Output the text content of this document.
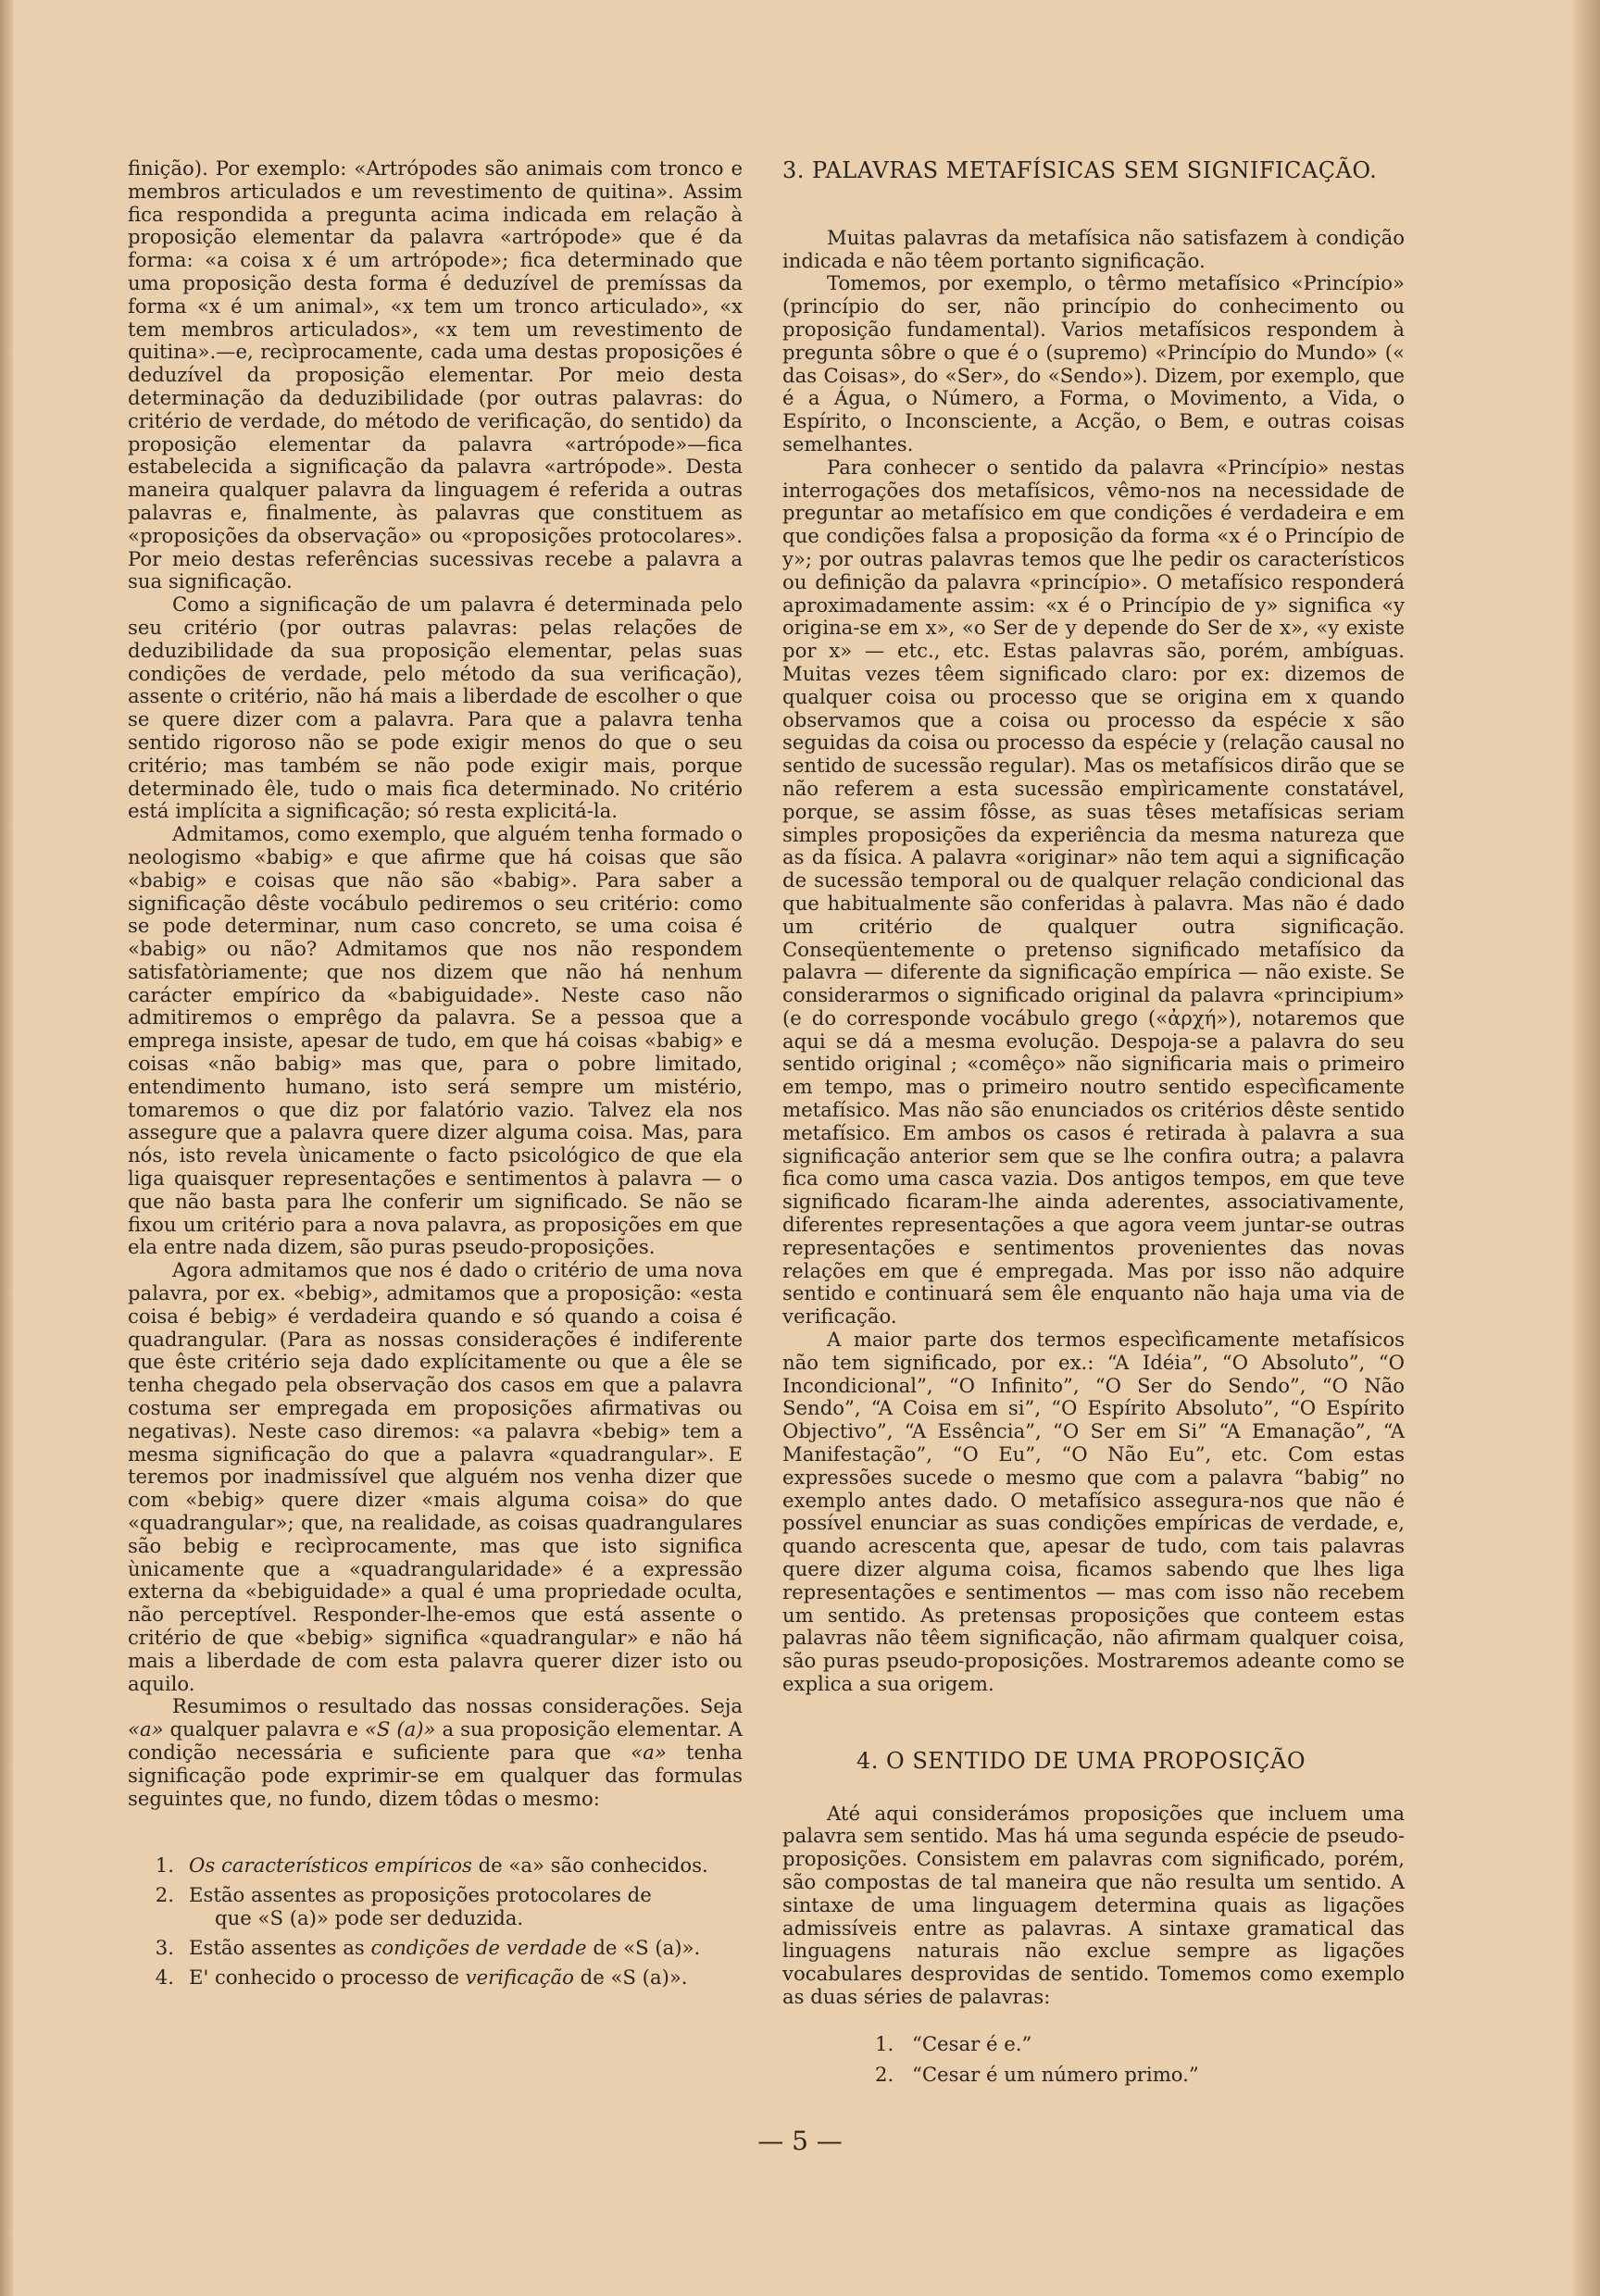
finição). Por exemplo: «Artrópodes são animais com tronco e membros articulados e um revestimento de quitina». Assim fica respondida a pregunta acima indicada em relação à proposição elementar da palavra «artrópode» que é da forma: «a coisa x é um artrópode»; fica determinado que uma proposição desta forma é deduzível de premíssas da forma «x é um animal», «x tem um tronco articulado», «x tem membros articulados», «x tem um revestimento de quitina».—e, recìprocamente, cada uma destas proposições é deduzível da proposição elementar. Por meio desta determinação da deduzibilidade (por outras palavras: do critério de verdade, do método de verificação, do sentido) da proposição elementar da palavra «artrópode»—fica estabelecida a significação da palavra «artrópode». Desta maneira qualquer palavra da linguagem é referida a outras palavras e, finalmente, às palavras que constituem as «proposições da observação» ou «proposições protocolares». Por meio destas referências sucessivas recebe a palavra a sua significação.

Como a significação de um palavra é determinada pelo seu critério (por outras palavras: pelas relações de deduzibilidade da sua proposição elementar, pelas suas condições de verdade, pelo método da sua verificação), assente o critério, não há mais a liberdade de escolher o que se quere dizer com a palavra. Para que a palavra tenha sentido rigoroso não se pode exigir menos do que o seu critério; mas também se não pode exigir mais, porque determinado êle, tudo o mais fica determinado. No critério está implícita a significação; só resta explicitá-la.

Admitamos, como exemplo, que alguém tenha formado o neologismo «babig» e que afirme que há coisas que são «babig» e coisas que não são «babig». Para saber a significação dêste vocábulo pediremos o seu critério: como se pode determinar, num caso concreto, se uma coisa é «babig» ou não? Admitamos que nos não respondem satisfatòriamente; que nos dizem que não há nenhum carácter empírico da «babiguidade». Neste caso não admitiremos o emprêgo da palavra. Se a pessoa que a emprega insiste, apesar de tudo, em que há coisas «babig» e coisas «não babig» mas que, para o pobre limitado, entendimento humano, isto será sempre um mistério, tomaremos o que diz por falatório vazio. Talvez ela nos assegure que a palavra quere dizer alguma coisa. Mas, para nós, isto revela ùnicamente o facto psicológico de que ela liga quaisquer representações e sentimentos à palavra — o que não basta para lhe conferir um significado. Se não se fixou um critério para a nova palavra, as proposições em que ela entre nada dizem, são puras pseudo-proposições.

Agora admitamos que nos é dado o critério de uma nova palavra, por ex. «bebig», admitamos que a proposição: «esta coisa é bebig» é verdadeira quando e só quando a coisa é quadrangular. (Para as nossas considerações é indiferente que êste critério seja dado explícitamente ou que a êle se tenha chegado pela observação dos casos em que a palavra costuma ser empregada em proposições afirmativas ou negativas). Neste caso diremos: «a palavra «bebig» tem a mesma significação do que a palavra «quadrangular». E teremos por inadmissível que alguém nos venha dizer que com «bebig» quere dizer «mais alguma coisa» do que «quadrangular»; que, na realidade, as coisas quadrangulares são bebig e recìprocamente, mas que isto significa ùnicamente que a «quadrangularidade» é a expressão externa da «bebiguidade» a qual é uma propriedade oculta, não perceptível. Responder-lhe-emos que está assente o critério de que «bebig» significa «quadrangular» e não há mais a liberdade de com esta palavra querer dizer isto ou aquilo.

Resumimos o resultado das nossas considerações. Seja «a» qualquer palavra e «S (a)» a sua proposição elementar. A condição necessária e suficiente para que «a» tenha significação pode exprimir-se em qualquer das formulas seguintes que, no fundo, dizem tôdas o mesmo:

1. Os característicos empíricos de «a» são conhecidos.
2. Estão assentes as proposições protocolares de
que «S (a)» pode ser deduzida.
3. Estão assentes as condições de verdade de «S (a)».
4. E' conhecido o processo de verificação de «S (a)».
3. PALAVRAS METAFÍSICAS SEM SIGNIFICAÇÃO.

Muitas palavras da metafísica não satisfazem à condição indicada e não têem portanto significação.

Tomemos, por exemplo, o têrmo metafísico «Princípio» (princípio do ser, não princípio do conhecimento ou proposição fundamental). Varios metafísicos respondem à pregunta sôbre o que é o (supremo) «Princípio do Mundo» (« das Coisas», do «Ser», do «Sendo»). Dizem, por exemplo, que é a Água, o Número, a Forma, o Movimento, a Vida, o Espírito, o Inconsciente, a Acção, o Bem, e outras coisas semelhantes.

Para conhecer o sentido da palavra «Princípio» nestas interrogações dos metafísicos, vêmo-nos na necessidade de preguntar ao metafísico em que condições é verdadeira e em que condições falsa a proposição da forma «x é o Princípio de y»; por outras palavras temos que lhe pedir os característicos ou definição da palavra «princípio». O metafísico responderá aproximadamente assim: «x é o Princípio de y» significa «y origina-se em x», «o Ser de y depende do Ser de x», «y existe por x» — etc., etc. Estas palavras são, porém, ambíguas. Muitas vezes têem significado claro: por ex: dizemos de qualquer coisa ou processo que se origina em x quando observamos que a coisa ou processo da espécie x são seguidas da coisa ou processo da espécie y (relação causal no sentido de sucessão regular). Mas os metafísicos dirão que se não referem a esta sucessão empìricamente constatável, porque, se assim fôsse, as suas têses metafísicas seriam simples proposições da experiência da mesma natureza que as da física. A palavra «originar» não tem aqui a significação de sucessão temporal ou de qualquer relação condicional das que habitualmente são conferidas à palavra. Mas não é dado um critério de qualquer outra significação. Conseqüentemente o pretenso significado metafísico da palavra — diferente da significação empírica — não existe. Se considerarmos o significado original da palavra «principium» (e do corresponde vocábulo grego («ἀρχή»), notaremos que aqui se dá a mesma evolução. Despoja-se a palavra do seu sentido original ; «comêço» não significaria mais o primeiro em tempo, mas o primeiro noutro sentido especìficamente metafísico. Mas não são enunciados os critérios dêste sentido metafísico. Em ambos os casos é retirada à palavra a sua significação anterior sem que se lhe confira outra; a palavra fica como uma casca vazia. Dos antigos tempos, em que teve significado ficaram-lhe ainda aderentes, associativamente, diferentes representações a que agora veem juntar-se outras representações e sentimentos provenientes das novas relações em que é empregada. Mas por isso não adquire sentido e continuará sem êle enquanto não haja uma via de verificação.

A maior parte dos termos especìficamente metafísicos não tem significado, por ex.: “A Idéia”, “O Absoluto”, “O Incondicional”, “O Infinito”, “O Ser do Sendo”, “O Não Sendo”, “A Coisa em si”, “O Espírito Absoluto”, “O Espírito Objectivo”, “A Essência”, “O Ser em Si” “A Emanação”, “A Manifestação”, “O Eu”, “O Não Eu”, etc. Com estas expressões sucede o mesmo que com a palavra “babig” no exemplo antes dado. O metafísico assegura-nos que não é possível enunciar as suas condições empíricas de verdade, e, quando acrescenta que, apesar de tudo, com tais palavras quere dizer alguma coisa, ficamos sabendo que lhes liga representações e sentimentos — mas com isso não recebem um sentido. As pretensas proposições que conteem estas palavras não têem significação, não afirmam qualquer coisa, são puras pseudo-proposições. Mostraremos adeante como se explica a sua origem.

4. O SENTIDO DE UMA PROPOSIÇÃO

Até aqui considerámos proposições que incluem uma palavra sem sentido. Mas há uma segunda espécie de pseudo-proposições. Consistem em palavras com significado, porém, são compostas de tal maneira que não resulta um sentido. A sintaxe de uma linguagem determina quais as ligações admissíveis entre as palavras. A sintaxe gramatical das linguagens naturais não exclue sempre as ligações vocabulares desprovidas de sentido. Tomemos como exemplo as duas séries de palavras:

1. “Cesar é e.”
2. “Cesar é um número primo.”
— 5 —
